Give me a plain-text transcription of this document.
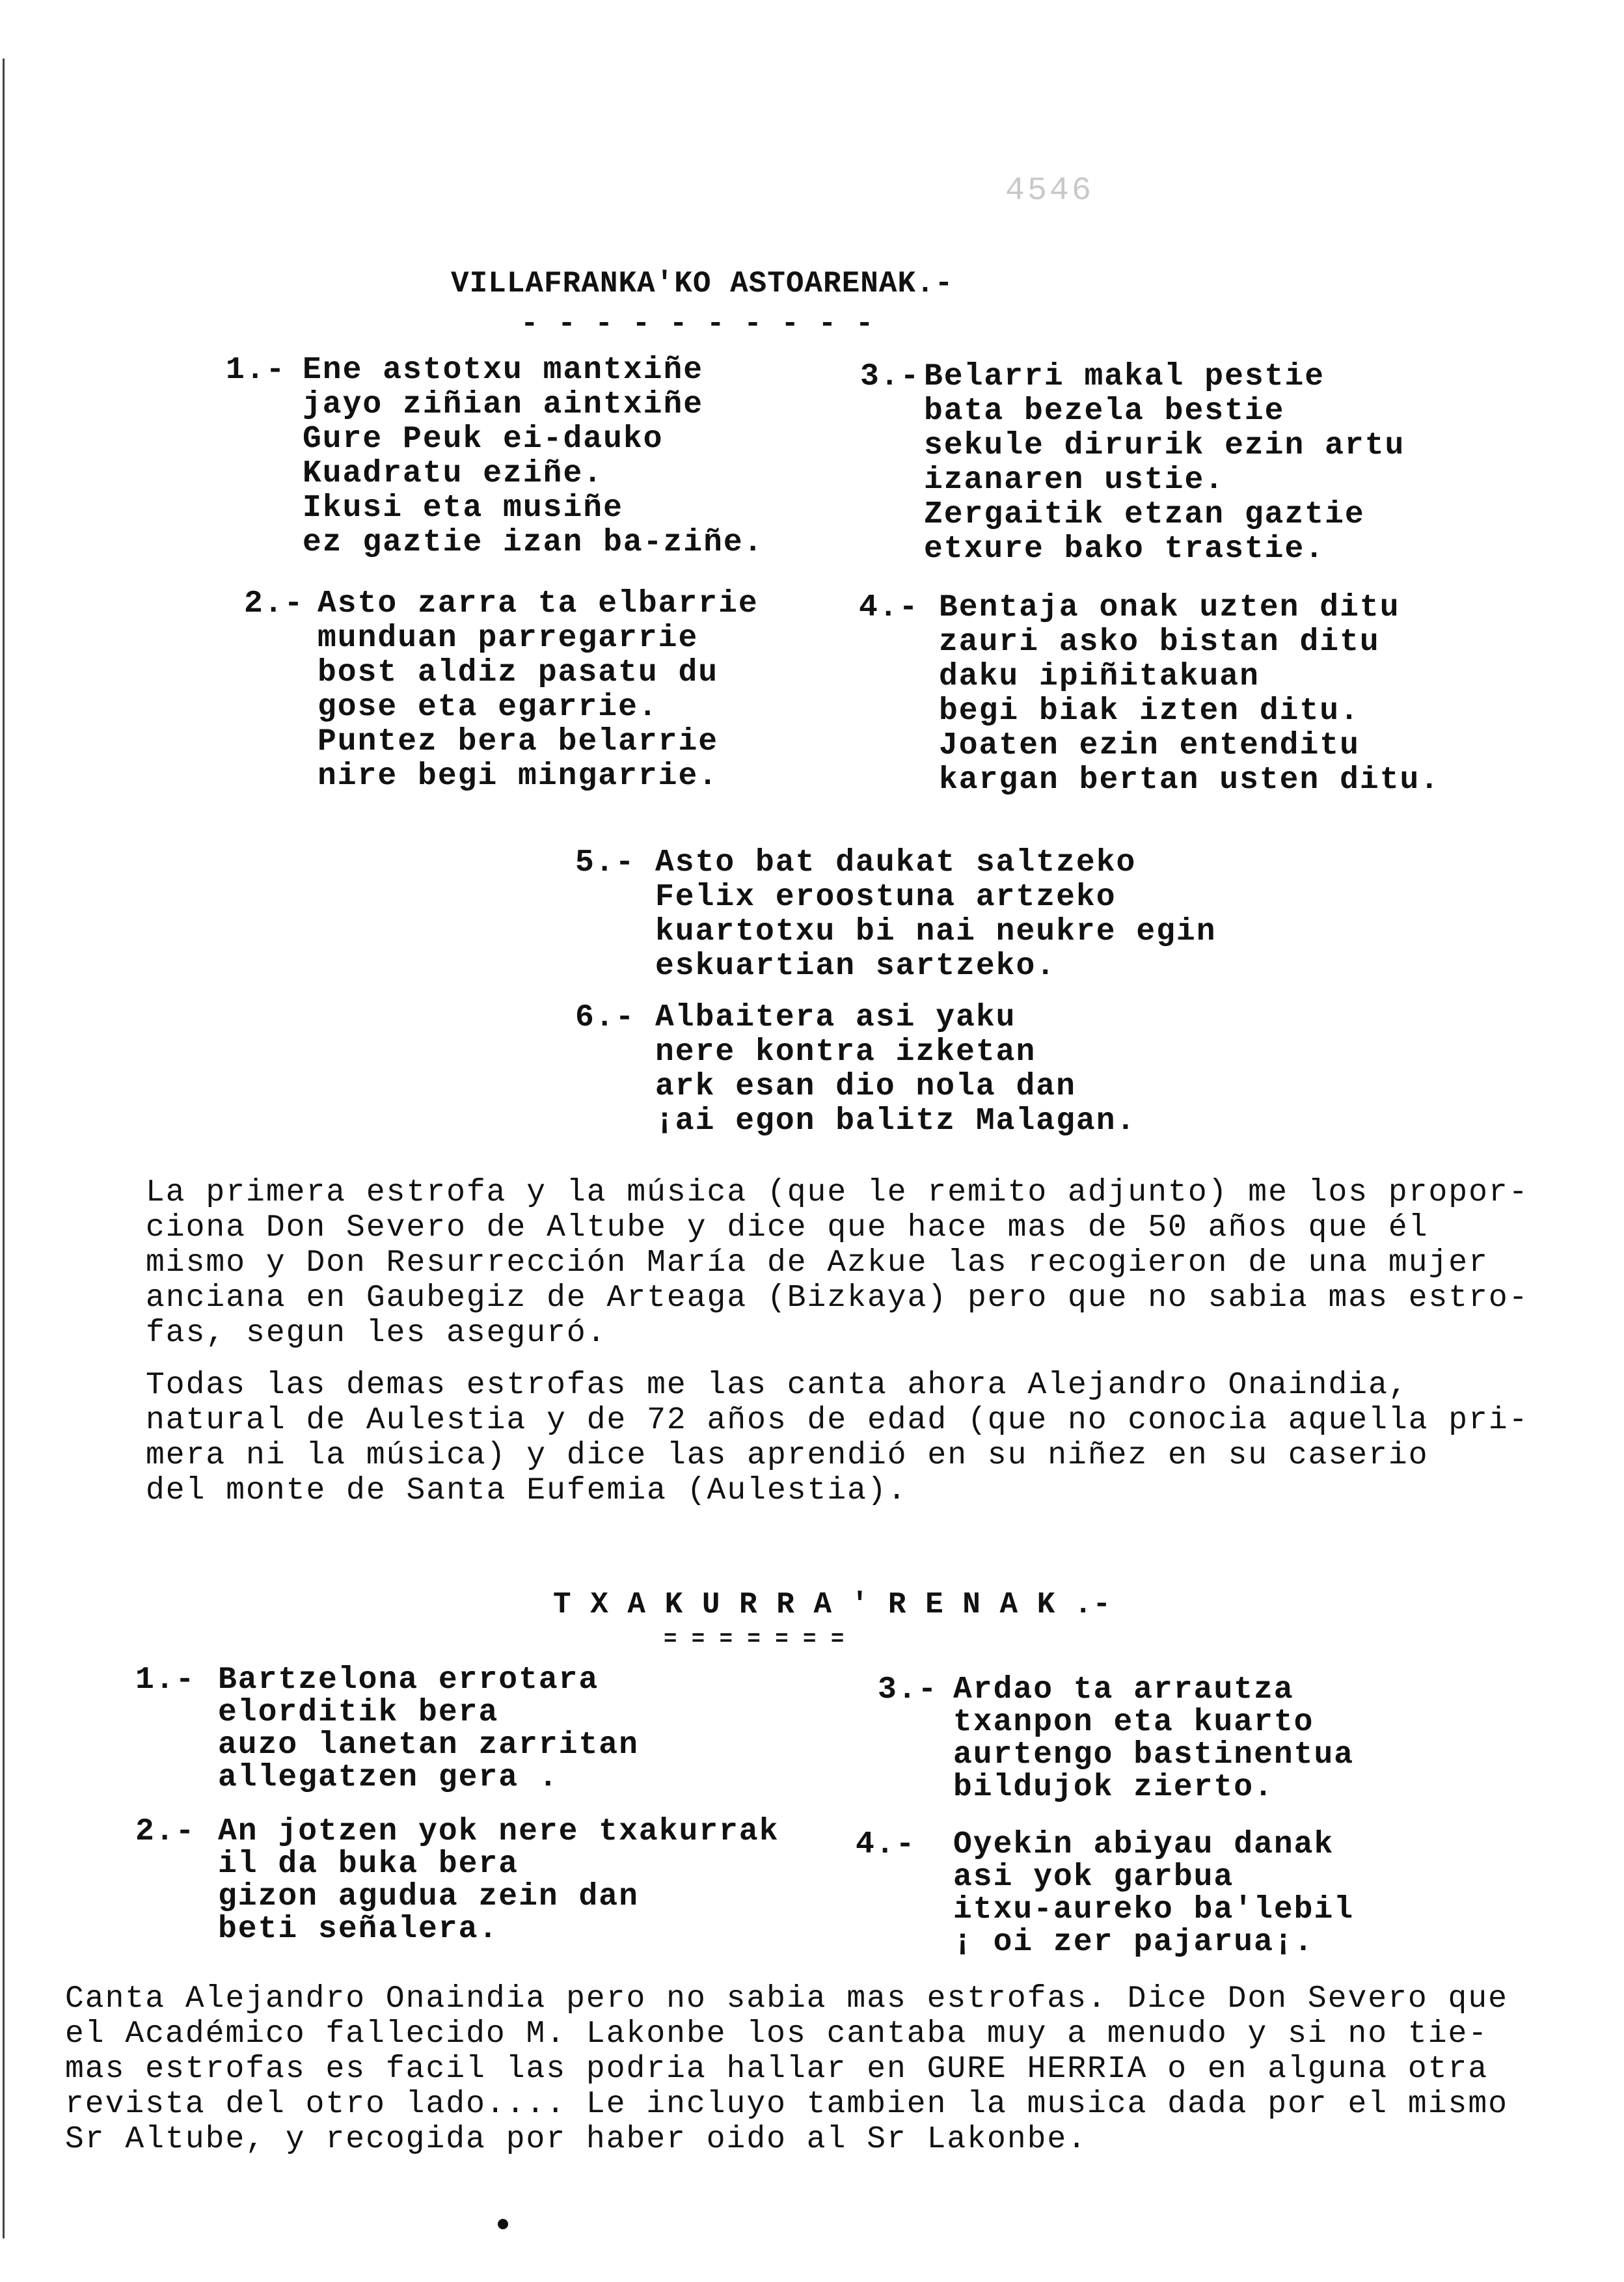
4546
VILLAFRANKA'KO ASTOARENAK.-
- - - - - - - - - -
1.- Ene astotxu mantxiñe
jayo ziñian aintxiñe
Gure Peuk ei-dauko
Kuadratu eziñe.
Ikusi eta musiñe
ez gaztie izan ba-ziñe.
3.- Belarri makal pestie
bata bezela bestie
sekule dirurik ezin artu
izanaren ustie.
Zergaitik etzan gaztie
etxure bako trastie.
2.- Asto zarra ta elbarrie
munduan parregarrie
bost aldiz pasatu du
gose eta egarrie.
Puntez bera belarrie
nire begi mingarrie.
4.- Bentaja onak uzten ditu
zauri asko bistan ditu
daku ipiñitakuan
begi biak izten ditu.
Joaten ezin entenditu
kargan bertan usten ditu.
5.- Asto bat daukat saltzeko
Felix eroostuna artzeko
kuartotxu bi nai neukre egin
eskuartian sartzeko.
6.- Albaitera asi yaku
nere kontra izketan
ark esan dio nola dan
¡ai egon balitz Malagan.
La primera estrofa y la música (que le remito adjunto) me los propor-
ciona Don Severo de Altube y dice que hace mas de 50 años que él
mismo y Don Resurrección María de Azkue las recogieron de una mujer
anciana en Gaubegiz de Arteaga (Bizkaya) pero que no sabia mas estro-
fas, segun les aseguró.
Todas las demas estrofas me las canta ahora Alejandro Onaindia,
natural de Aulestia y de 72 años de edad (que no conocia aquella pri-
mera ni la música) y dice las aprendió en su niñez en su caserio
del monte de Santa Eufemia (Aulestia).
T X A K U R R A ' R E N A K .-
= = = = = = =
1.- Bartzelona errotara
elorditik bera
auzo lanetan zarritan
allegatzen gera .
3.- Ardao ta arrautza
txanpon eta kuarto
aurtengo bastinentua
bildujok zierto.
2.- An jotzen yok nere txakurrak
il da buka bera
gizon agudua zein dan
beti señalera.
4.- Oyekin abiyau danak
asi yok garbua
itxu-aureko ba'lebil
¡ oi zer pajarua¡.
Canta Alejandro Onaindia pero no sabia mas estrofas. Dice Don Severo que
el Académico fallecido M. Lakonbe los cantaba muy a menudo y si no tie-
mas estrofas es facil las podria hallar en GURE HERRIA o en alguna otra
revista del otro lado.... Le incluyo tambien la musica dada por el mismo
Sr Altube, y recogida por haber oido al Sr Lakonbe.
